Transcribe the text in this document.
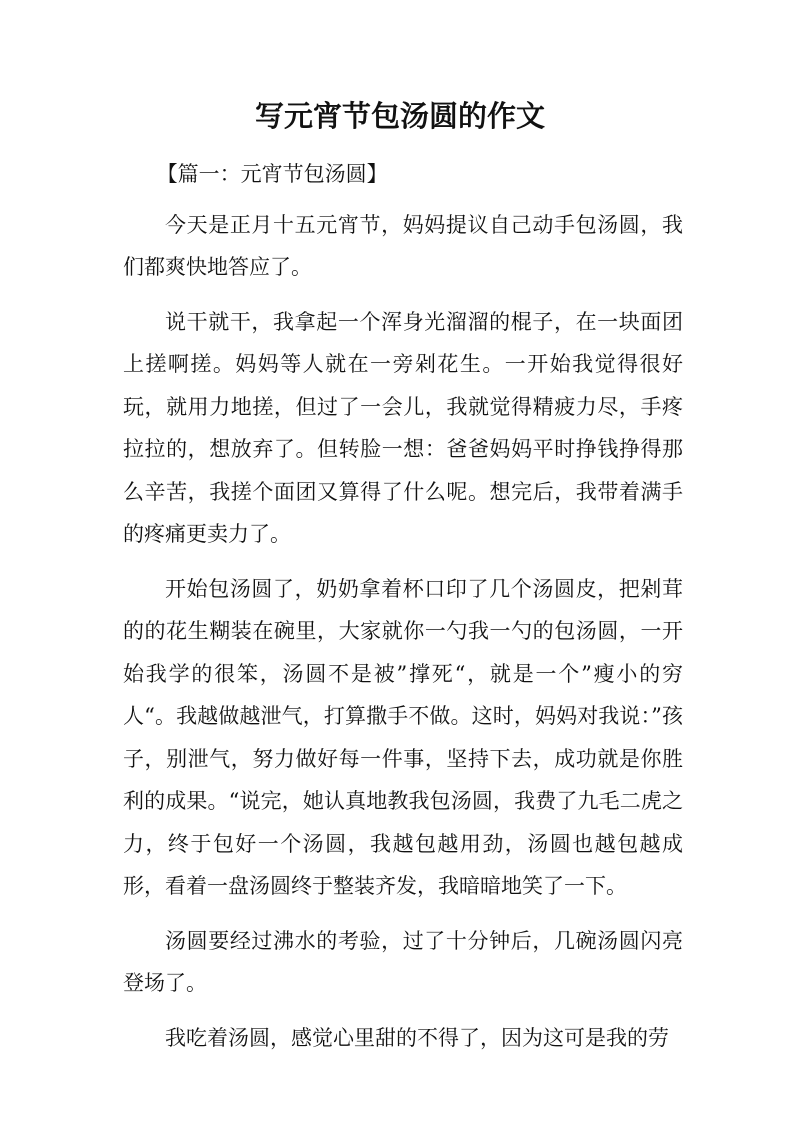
写元宵节包汤圆的作文

【篇一：元宵节包汤圆】

今天是正月十五元宵节，妈妈提议自己动手包汤圆，我们都爽快地答应了。

说干就干，我拿起一个浑身光溜溜的棍子，在一块面团上搓啊搓。妈妈等人就在一旁剁花生。一开始我觉得很好玩，就用力地搓，但过了一会儿，我就觉得精疲力尽，手疼拉拉的，想放弃了。但转脸一想：爸爸妈妈平时挣钱挣得那么辛苦，我搓个面团又算得了什么呢。想完后，我带着满手的疼痛更卖力了。

开始包汤圆了，奶奶拿着杯口印了几个汤圆皮，把剁茸的的花生糊装在碗里，大家就你一勺我一勺的包汤圆，一开始我学的很笨，汤圆不是被”撑死“，就是一个”瘦小的穷人“。我越做越泄气，打算撒手不做。这时，妈妈对我说：”孩子，别泄气，努力做好每一件事，坚持下去，成功就是你胜利的成果。“说完，她认真地教我包汤圆，我费了九毛二虎之力，终于包好一个汤圆，我越包越用劲，汤圆也越包越成形，看着一盘汤圆终于整装齐发，我暗暗地笑了一下。

汤圆要经过沸水的考验，过了十分钟后，几碗汤圆闪亮登场了。

我吃着汤圆，感觉心里甜的不得了，因为这可是我的劳
